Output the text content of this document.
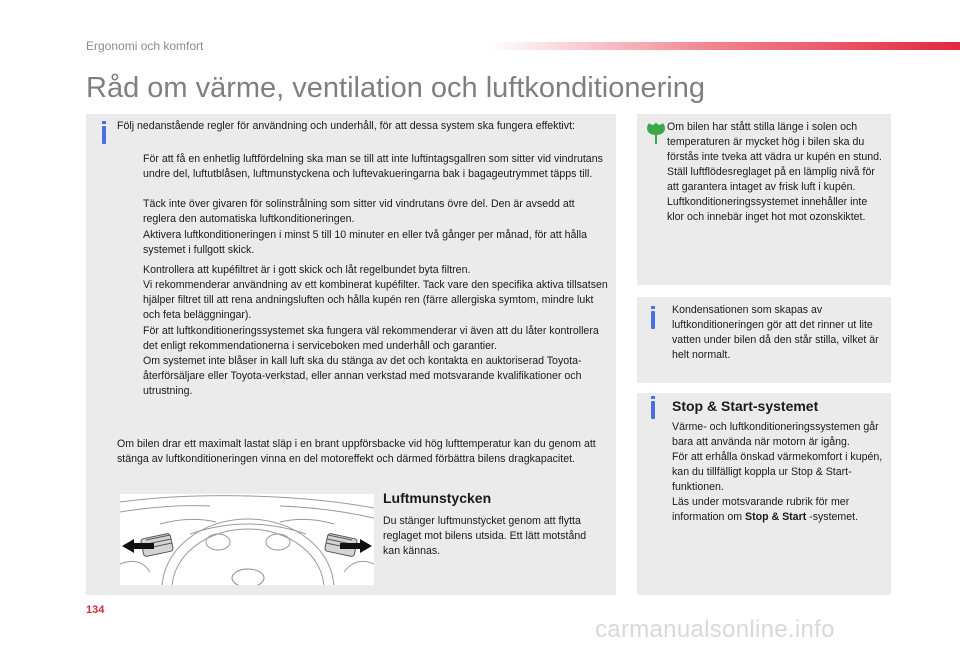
Ergonomi och komfort
Råd om värme, ventilation och luftkonditionering
Följ nedanstående regler för användning och underhåll, för att dessa system ska fungera effektivt:
För att få en enhetlig luftfördelning ska man se till att inte luftintagsgallren som sitter vid vindrutans undre del, luftutblåsen, luftmunstyckena och luftevakueringarna bak i bagageutrymmet täpps till.
Täck inte över givaren för solinstrålning som sitter vid vindrutans övre del. Den är avsedd att reglera den automatiska luftkonditioneringen.
Aktivera luftkonditioneringen i minst 5 till 10 minuter en eller två gånger per månad, för att hålla systemet i fullgott skick.
Kontrollera att kupéfiltret är i gott skick och låt regelbundet byta filtren.
Vi rekommenderar användning av ett kombinerat kupéfilter. Tack vare den specifika aktiva tillsatsen hjälper filtret till att rena andningsluften och hålla kupén ren (färre allergiska symtom, mindre lukt och feta beläggningar).
För att luftkonditioneringssystemet ska fungera väl rekommenderar vi även att du låter kontrollera det enligt rekommendationerna i serviceboken med underhåll och garantier.
Om systemet inte blåser in kall luft ska du stänga av det och kontakta en auktoriserad Toyota-återförsäljare eller Toyota-verkstad, eller annan verkstad med motsvarande kvalifikationer och utrustning.
Om bilen drar ett maximalt lastat släp i en brant uppförsbacke vid hög lufttemperatur kan du genom att stänga av luftkonditioneringen vinna en del motoreffekt och därmed förbättra bilens dragkapacitet.
Luftmunstycken
Du stänger luftmunstycket genom att flytta reglaget mot bilens utsida. Ett lätt motstånd kan kännas.
Om bilen har stått stilla länge i solen och temperaturen är mycket hög i bilen ska du förstås inte tveka att vädra ur kupén en stund.
Ställ luftflödesreglaget på en lämplig nivå för att garantera intaget av frisk luft i kupén.
Luftkonditioneringssystemet innehåller inte klor och innebär inget hot mot ozonskiktet.
Kondensationen som skapas av luftkonditioneringen gör att det rinner ut lite vatten under bilen då den står stilla, vilket är helt normalt.
Stop & Start-systemet
Värme- och luftkonditioneringssystemen går bara att använda när motorn är igång.
För att erhålla önskad värmekomfort i kupén, kan du tillfälligt koppla ur Stop & Start-funktionen.
Läs under motsvarande rubrik för mer information om Stop & Start -systemet.
134
carmanualsonline.info
